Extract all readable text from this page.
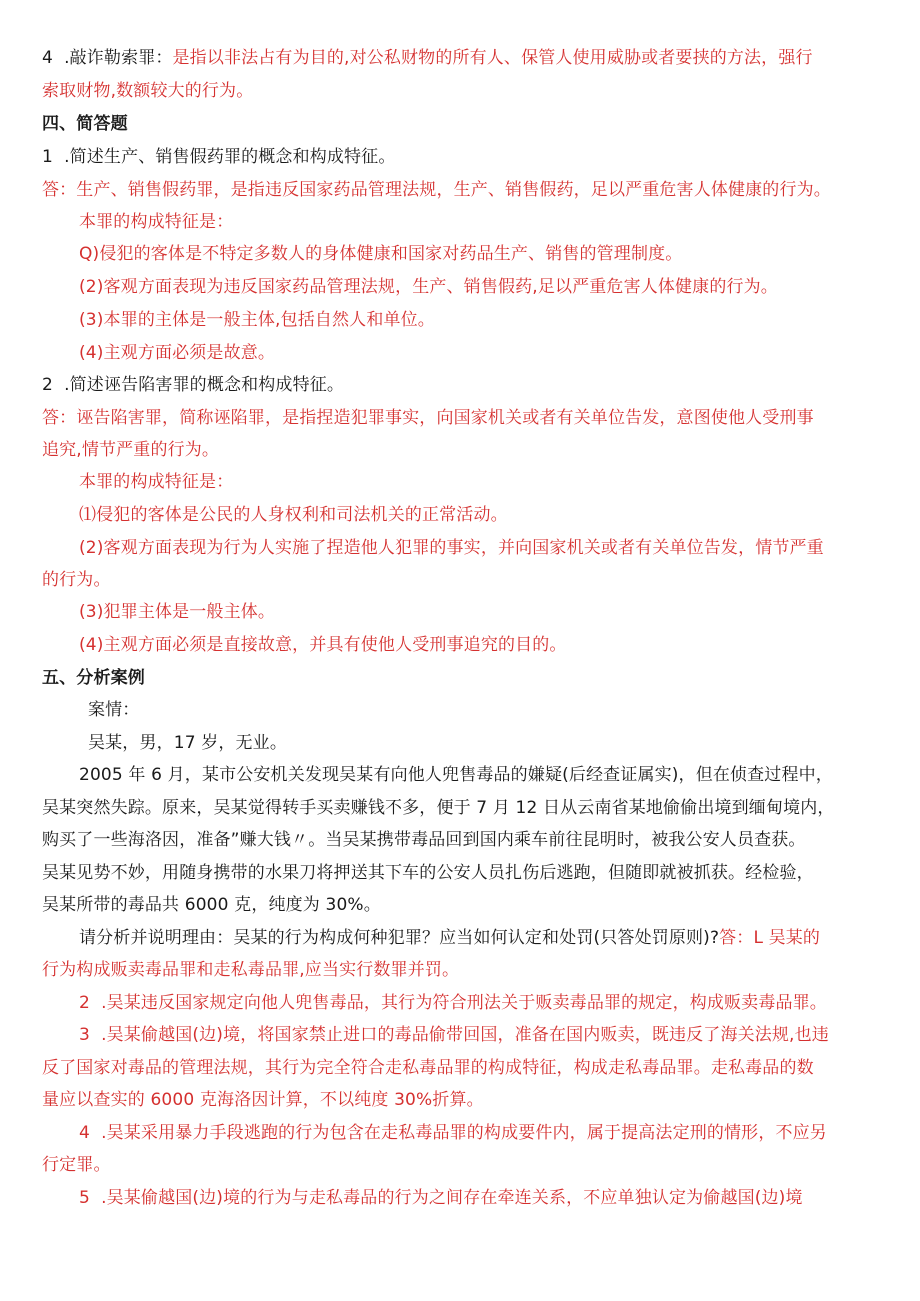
4  .敲诈勒索罪：是指以非法占有为目的,对公私财物的所有人、保管人使用威胁或者要挟的方法，强行
索取财物,数额较大的行为。
四、简答题
1  .简述生产、销售假药罪的概念和构成特征。
答：生产、销售假药罪，是指违反国家药品管理法规，生产、销售假药，足以严重危害人体健康的行为。
本罪的构成特征是：
Q)侵犯的客体是不特定多数人的身体健康和国家对药品生产、销售的管理制度。
(2)客观方面表现为违反国家药品管理法规，生产、销售假药,足以严重危害人体健康的行为。
(3)本罪的主体是一般主体,包括自然人和单位。
(4)主观方面必须是故意。
2  .简述诬告陷害罪的概念和构成特征。
答：诬告陷害罪，简称诬陷罪，是指捏造犯罪事实，向国家机关或者有关单位告发，意图使他人受刑事
追究,情节严重的行为。
本罪的构成特征是：
⑴侵犯的客体是公民的人身权利和司法机关的正常活动。
(2)客观方面表现为行为人实施了捏造他人犯罪的事实，并向国家机关或者有关单位告发，情节严重
的行为。
(3)犯罪主体是一般主体。
(4)主观方面必须是直接故意，并具有使他人受刑事追究的目的。
五、分析案例
案情：
吴某，男，17 岁，无业。
2005 年 6 月，某市公安机关发现吴某有向他人兜售毒品的嫌疑(后经查证属实)，但在侦查过程中，
吴某突然失踪。原来，吴某觉得转手买卖赚钱不多，便于 7 月 12 日从云南省某地偷偷出境到缅甸境内，
购买了一些海洛因，准备”赚大钱〃。当吴某携带毒品回到国内乘车前往昆明时，被我公安人员查获。
吴某见势不妙，用随身携带的水果刀将押送其下车的公安人员扎伤后逃跑，但随即就被抓获。经检验，
吴某所带的毒品共 6000 克，纯度为 30%。
请分析并说明理由：吴某的行为构成何种犯罪？应当如何认定和处罚(只答处罚原则)?答：L 吴某的
行为构成贩卖毒品罪和走私毒品罪,应当实行数罪并罚。
2  .吴某违反国家规定向他人兜售毒品，其行为符合刑法关于贩卖毒品罪的规定，构成贩卖毒品罪。
3  .吴某偷越国(边)境，将国家禁止进口的毒品偷带回国，准备在国内贩卖，既违反了海关法规,也违
反了国家对毒品的管理法规，其行为完全符合走私毒品罪的构成特征，构成走私毒品罪。走私毒品的数
量应以查实的 6000 克海洛因计算，不以纯度 30%折算。
4  .吴某采用暴力手段逃跑的行为包含在走私毒品罪的构成要件内，属于提高法定刑的情形，不应另
行定罪。
5  .吴某偷越国(边)境的行为与走私毒品的行为之间存在牵连关系，不应单独认定为偷越国(边)境
